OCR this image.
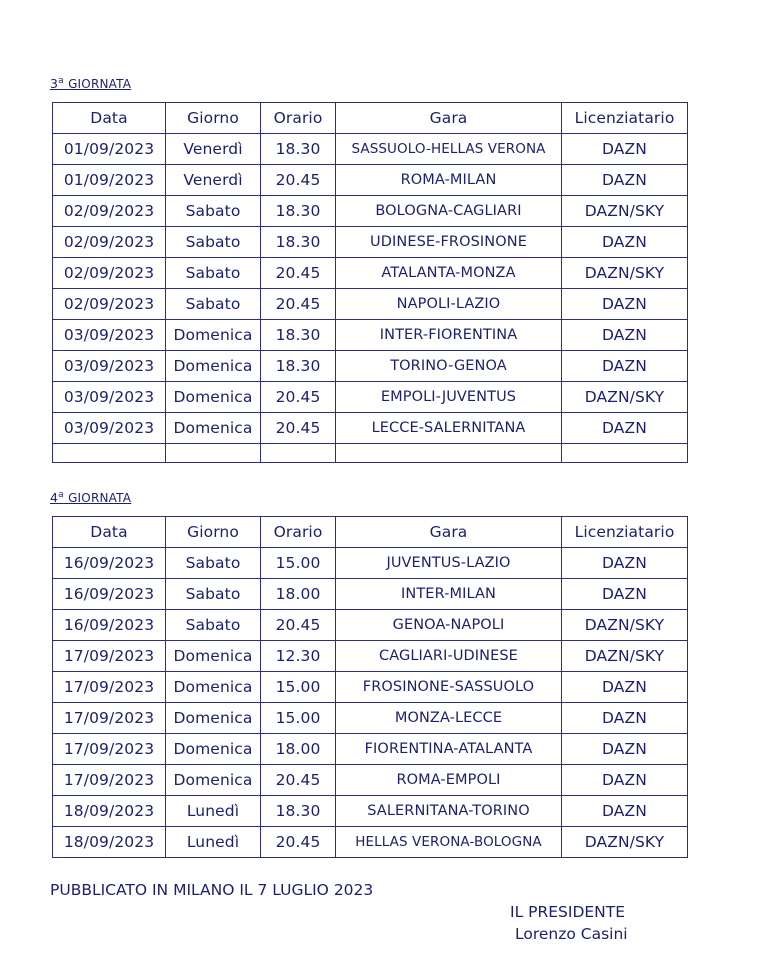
3$^a$ GIORNATA
Data	Giorno	Orario	Gara	Licenziatario
01/09/2023	Venerdì	18.30	SASSUOLO-HELLAS VERONA	DAZN
01/09/2023	Venerdì	20.45	ROMA-MILAN	DAZN
02/09/2023	Sabato	18.30	BOLOGNA-CAGLIARI	DAZN/SKY
02/09/2023	Sabato	18.30	UDINESE-FROSINONE	DAZN
02/09/2023	Sabato	20.45	ATALANTA-MONZA	DAZN/SKY
02/09/2023	Sabato	20.45	NAPOLI-LAZIO	DAZN
03/09/2023	Domenica	18.30	INTER-FIORENTINA	DAZN
03/09/2023	Domenica	18.30	TORINO-GENOA	DAZN
03/09/2023	Domenica	20.45	EMPOLI-JUVENTUS	DAZN/SKY
03/09/2023	Domenica	20.45	LECCE-SALERNITANA	DAZN

4$^a$ GIORNATA
Data	Giorno	Orario	Gara	Licenziatario
16/09/2023	Sabato	15.00	JUVENTUS-LAZIO	DAZN
16/09/2023	Sabato	18.00	INTER-MILAN	DAZN
16/09/2023	Sabato	20.45	GENOA-NAPOLI	DAZN/SKY
17/09/2023	Domenica	12.30	CAGLIARI-UDINESE	DAZN/SKY
17/09/2023	Domenica	15.00	FROSINONE-SASSUOLO	DAZN
17/09/2023	Domenica	15.00	MONZA-LECCE	DAZN
17/09/2023	Domenica	18.00	FIORENTINA-ATALANTA	DAZN
17/09/2023	Domenica	20.45	ROMA-EMPOLI	DAZN
18/09/2023	Lunedì	18.30	SALERNITANA-TORINO	DAZN
18/09/2023	Lunedì	20.45	HELLAS VERONA-BOLOGNA	DAZN/SKY
PUBBLICATO IN MILANO IL 7 LUGLIO 2023
IL PRESIDENTE
Lorenzo Casini
